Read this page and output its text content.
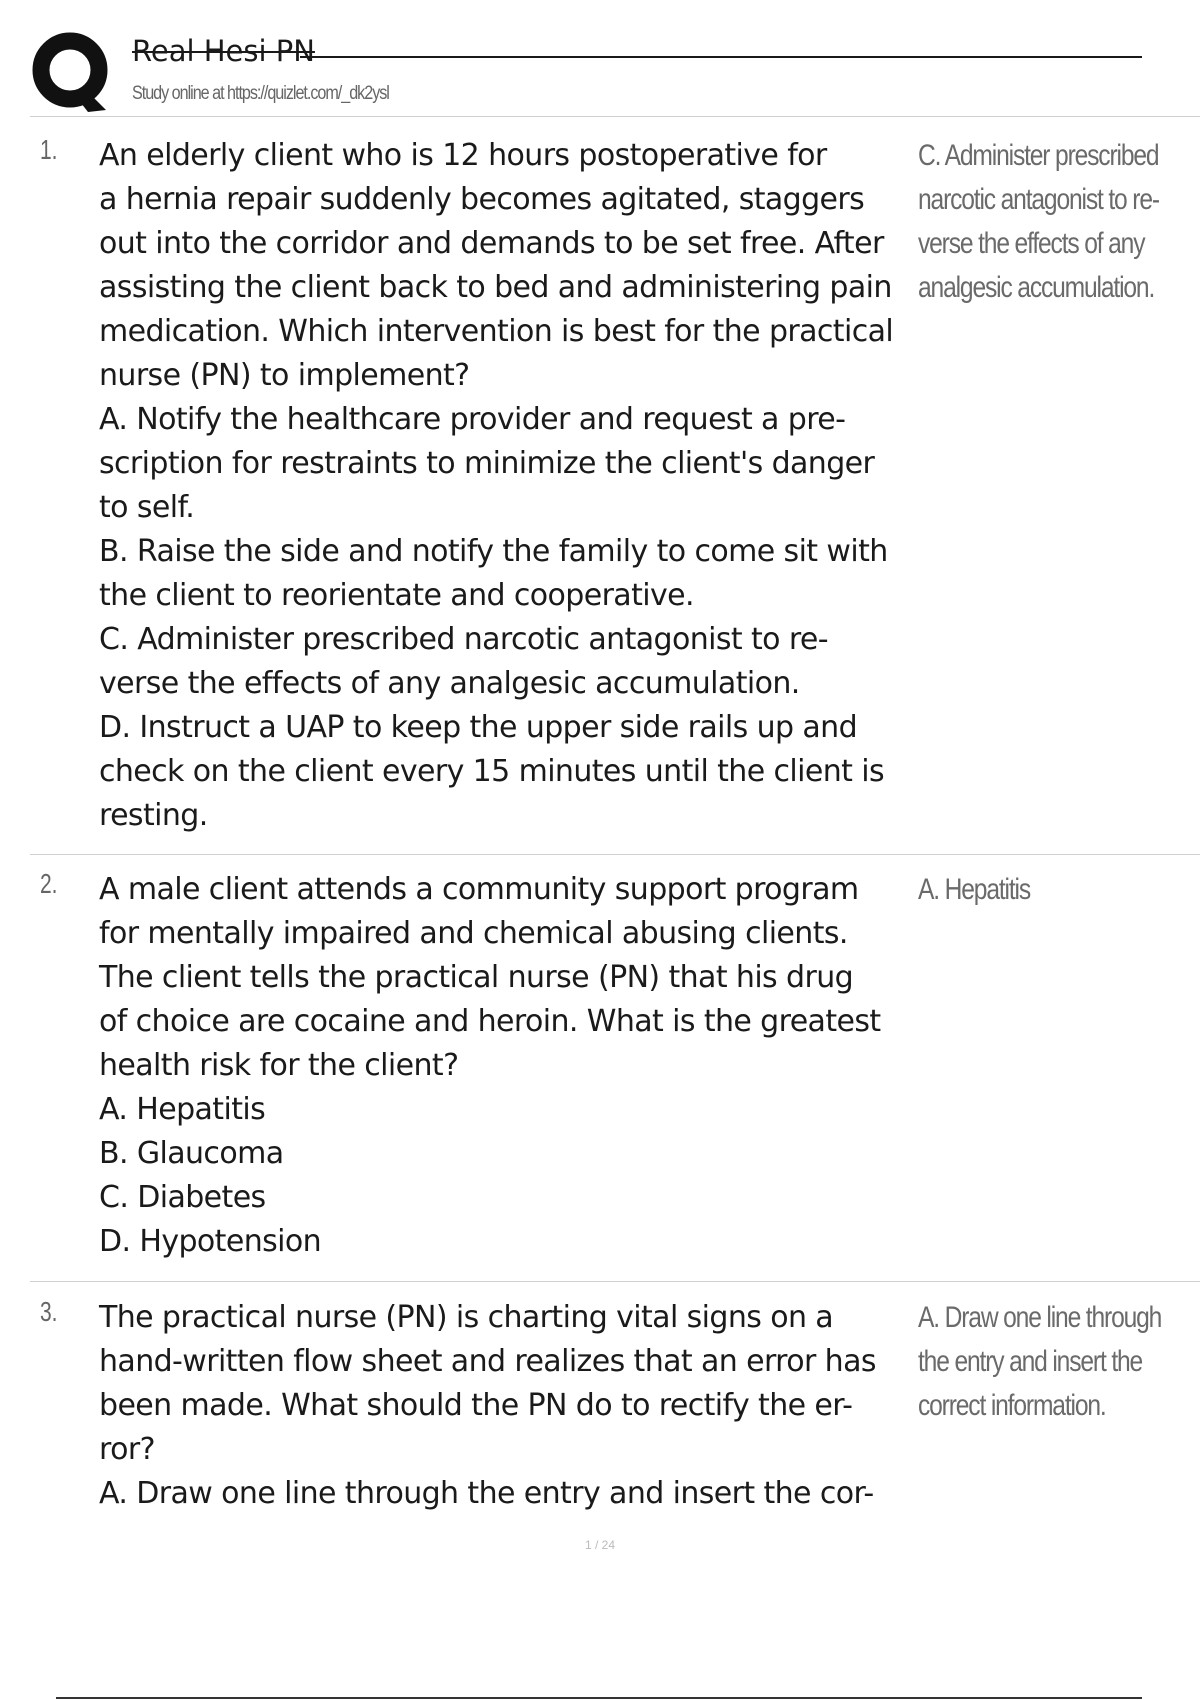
Real Hesi PN
Study online at https://quizlet.com/_dk2ysl
1. An elderly client who is 12 hours postoperative for

a hernia repair suddenly becomes agitated, staggers

out into the corridor and demands to be set free. After

assisting the client back to bed and administering pain

medication. Which intervention is best for the practical

nurse (PN) to implement?

A. Notify the healthcare provider and request a pre-

scription for restraints to minimize the client's danger

to self.

B. Raise the side and notify the family to come sit with

the client to reorientate and cooperative.

C. Administer prescribed narcotic antagonist to re-

verse the effects of any analgesic accumulation.

D. Instruct a UAP to keep the upper side rails up and

check on the client every 15 minutes until the client is

resting.

C. Administer prescribed

narcotic antagonist to re-

verse the effects of any

analgesic accumulation.

2. A male client attends a community support program

for mentally impaired and chemical abusing clients.

The client tells the practical nurse (PN) that his drug

of choice are cocaine and heroin. What is the greatest

health risk for the client?

A. Hepatitis

B. Glaucoma

C. Diabetes

D. Hypotension

A. Hepatitis

3. The practical nurse (PN) is charting vital signs on a

hand-written flow sheet and realizes that an error has

been made. What should the PN do to rectify the er-

ror?

A. Draw one line through the entry and insert the cor-

A. Draw one line through

the entry and insert the

correct information.

1 / 24
